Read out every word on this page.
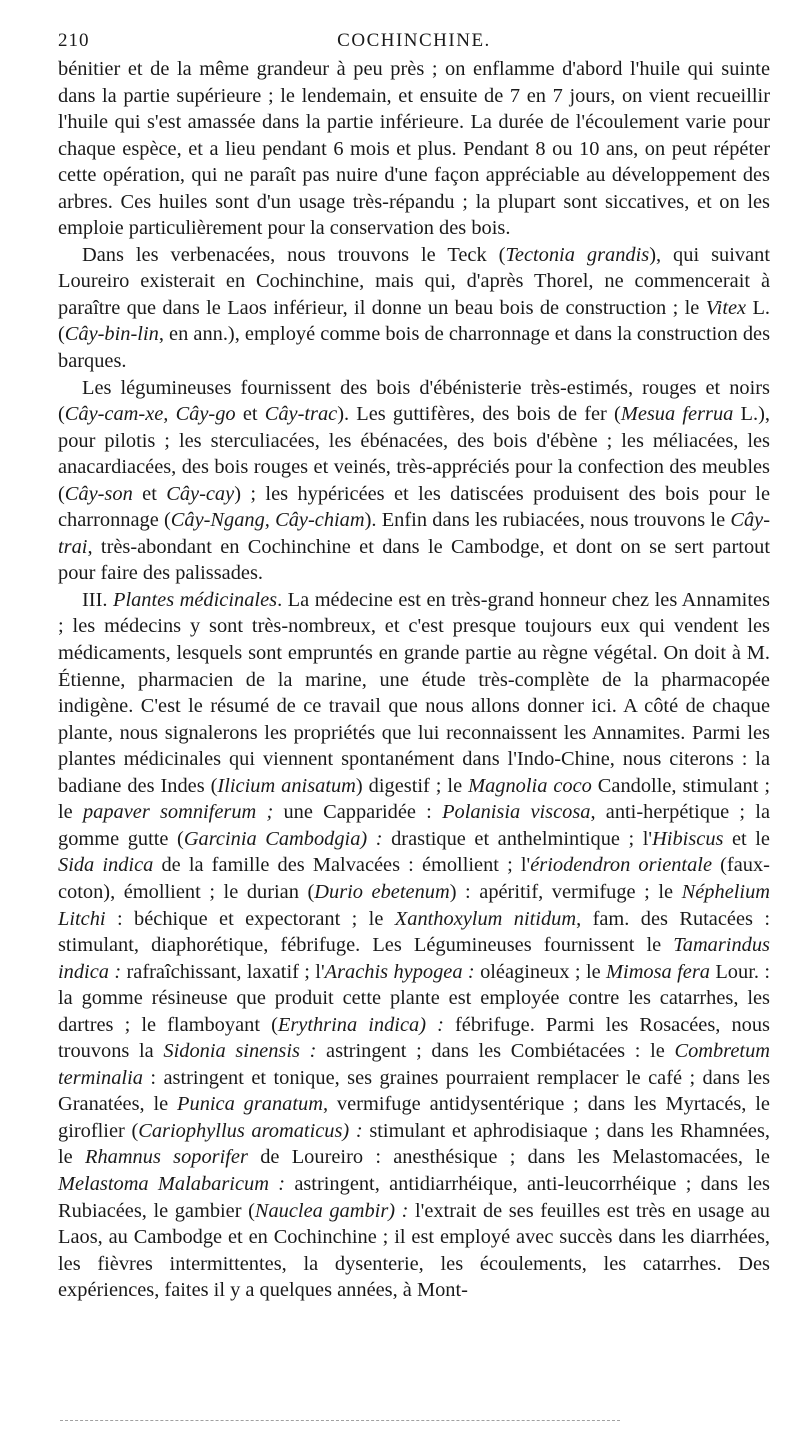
210	COCHINCHINE.

bénitier et de la même grandeur à peu près ; on enflamme d'abord l'huile qui suinte dans la partie supérieure ; le lendemain, et ensuite de 7 en 7 jours, on vient recueillir l'huile qui s'est amassée dans la partie inférieure. La durée de l'écoulement varie pour chaque espèce, et a lieu pendant 6 mois et plus. Pendant 8 ou 10 ans, on peut répéter cette opération, qui ne paraît pas nuire d'une façon appréciable au développement des arbres. Ces huiles sont d'un usage très-répandu ; la plupart sont siccatives, et on les emploie particulièrement pour la conservation des bois.

Dans les verbenacées, nous trouvons le Teck (Tectonia grandis), qui suivant Loureiro existerait en Cochinchine, mais qui, d'après Thorel, ne commencerait à paraître que dans le Laos inférieur, il donne un beau bois de construction ; le Vitex L. (Cây-bin-lin, en ann.), employé comme bois de charronnage et dans la construction des barques.

Les légumineuses fournissent des bois d'ébénisterie très-estimés, rouges et noirs (Cây-cam-xe, Cây-go et Cây-trac). Les guttifères, des bois de fer (Mesua ferrua L.), pour pilotis ; les sterculiacées, les ébénacées, des bois d'ébène ; les méliacées, les anacardiacées, des bois rouges et veinés, très-appréciés pour la confection des meubles (Cây-son et Cây-cay) ; les hypéricées et les datiscées produisent des bois pour le charronnage (Cây-Ngang, Cây-chiam). Enfin dans les rubiacées, nous trouvons le Cây-trai, très-abondant en Cochinchine et dans le Cambodge, et dont on se sert partout pour faire des palissades.

III. Plantes médicinales. La médecine est en très-grand honneur chez les Annamites ; les médecins y sont très-nombreux, et c'est presque toujours eux qui vendent les médicaments, lesquels sont empruntés en grande partie au règne végétal. On doit à M. Étienne, pharmacien de la marine, une étude très-complète de la pharmacopée indigène. C'est le résumé de ce travail que nous allons donner ici. A côté de chaque plante, nous signalerons les propriétés que lui reconnaissent les Annamites. Parmi les plantes médicinales qui viennent spontanément dans l'Indo-Chine, nous citerons : la badiane des Indes (Ilicium anisatum) digestif ; le Magnolia coco Candolle, stimulant ; le papaver somniferum ; une Capparidée : Polanisia viscosa, anti-herpétique ; la gomme gutte (Garcinia Cambodgia) : drastique et anthelmintique ; l'Hibiscus et le Sida indica de la famille des Malvacées : émollient ; l'ériodendron orientale (faux-coton), émollient ; le durian (Durio ebetenum) : apéritif, vermifuge ; le Néphelium Litchi : béchique et expectorant ; le Xanthoxylum nitidum, fam. des Rutacées : stimulant, diaphorétique, fébrifuge. Les Légumineuses fournissent le Tamarindus indica : rafraîchissant, laxatif ; l'Arachis hypogea : oléagineux ; le Mimosa fera Lour. : la gomme résineuse que produit cette plante est employée contre les catarrhes, les dartres ; le flamboyant (Erythrina indica) : fébrifuge. Parmi les Rosacées, nous trouvons la Sidonia sinensis : astringent ; dans les Combiétacées : le Combretum terminalia : astringent et tonique, ses graines pourraient remplacer le café ; dans les Granatées, le Punica granatum, vermifuge antidysentérique ; dans les Myrtacés, le giroflier (Cariophyllus aromaticus) : stimulant et aphrodisiaque ; dans les Rhamnées, le Rhamnus soporifer de Loureiro : anesthésique ; dans les Melastomacées, le Melastoma Malabaricum : astringent, antidiarrhéique, anti-leucorrhéique ; dans les Rubiacées, le gambier (Nauclea gambir) : l'extrait de ses feuilles est très en usage au Laos, au Cambodge et en Cochinchine ; il est employé avec succès dans les diarrhées, les fièvres intermittentes, la dysenterie, les écoulements, les catarrhes. Des expériences, faites il y a quelques années, à Mont-
